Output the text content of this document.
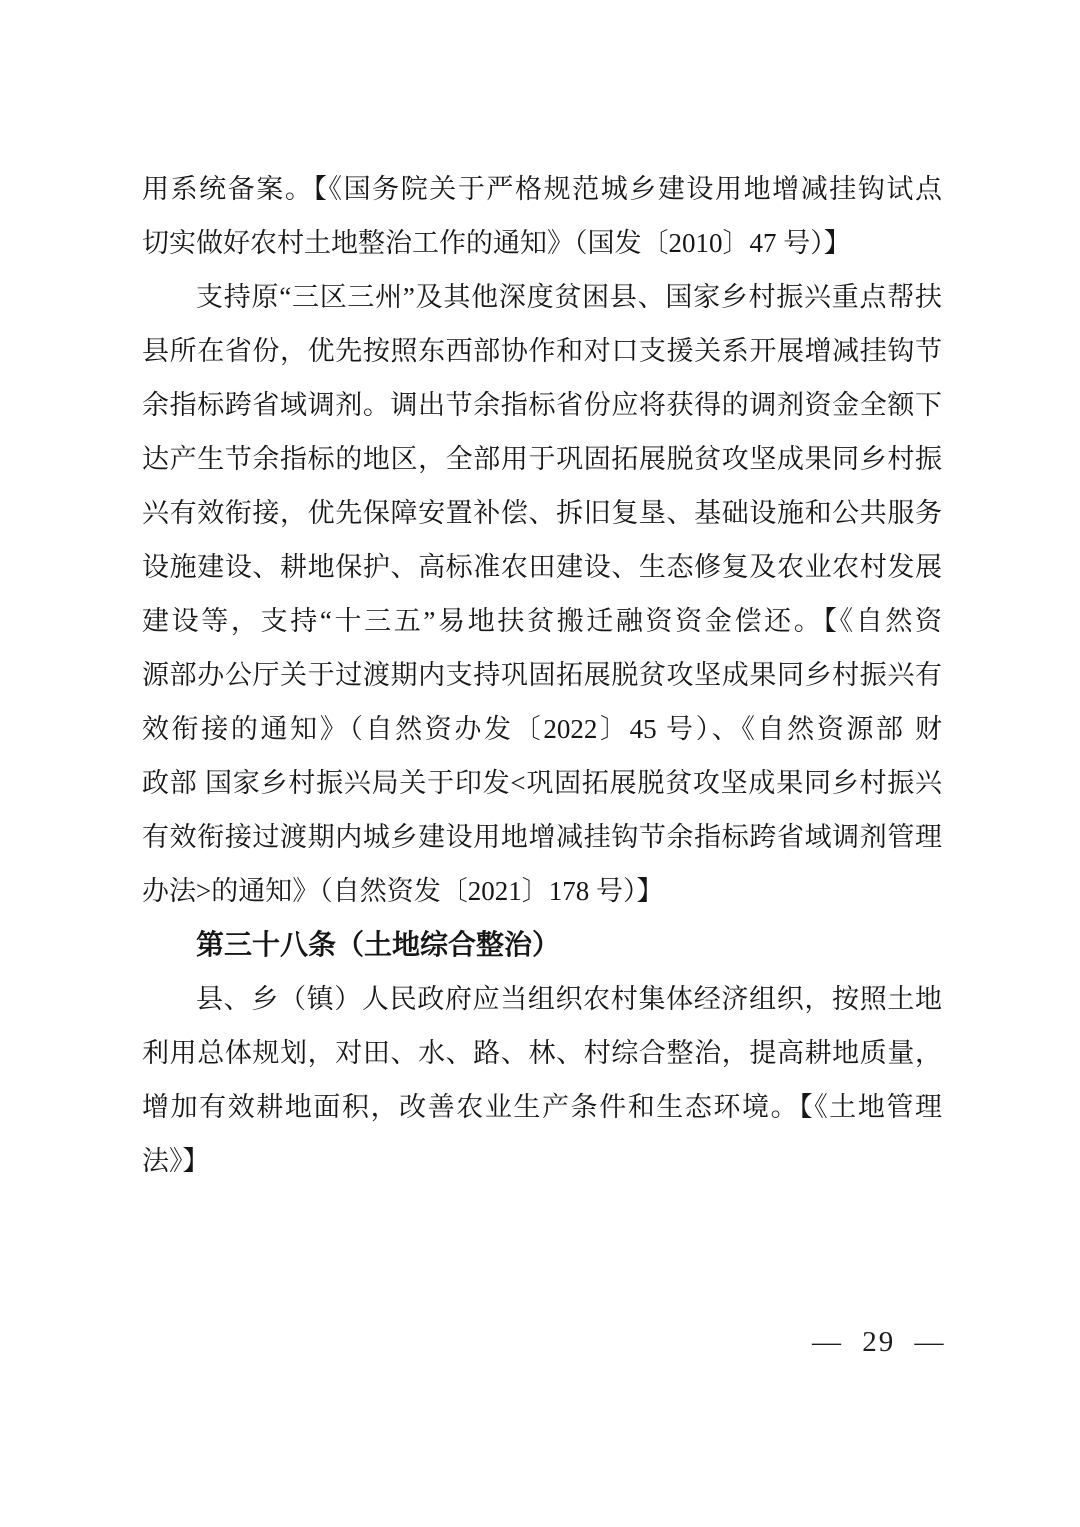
用系统备案。【《国务院关于严格规范城乡建设用地增减挂钩试点
切实做好农村土地整治工作的通知》（国发〔2010〕47 号）】
支持原“三区三州”及其他深度贫困县、国家乡村振兴重点帮扶
县所在省份，优先按照东西部协作和对口支援关系开展增减挂钩节
余指标跨省域调剂。调出节余指标省份应将获得的调剂资金全额下
达产生节余指标的地区，全部用于巩固拓展脱贫攻坚成果同乡村振
兴有效衔接，优先保障安置补偿、拆旧复垦、基础设施和公共服务
设施建设、耕地保护、高标准农田建设、生态修复及农业农村发展
建设等，支持“十三五”易地扶贫搬迁融资资金偿还。【《自然资
源部办公厅关于过渡期内支持巩固拓展脱贫攻坚成果同乡村振兴有
效衔接的通知》（自然资办发〔2022〕45 号）、《自然资源部 财
政部 国家乡村振兴局关于印发<巩固拓展脱贫攻坚成果同乡村振兴
有效衔接过渡期内城乡建设用地增减挂钩节余指标跨省域调剂管理
办法>的通知》（自然资发〔2021〕178 号）】
第三十八条（土地综合整治）
县、乡（镇）人民政府应当组织农村集体经济组织，按照土地
利用总体规划，对田、水、路、林、村综合整治，提高耕地质量，
增加有效耕地面积，改善农业生产条件和生态环境。【《土地管理
法》】
— 29 —
